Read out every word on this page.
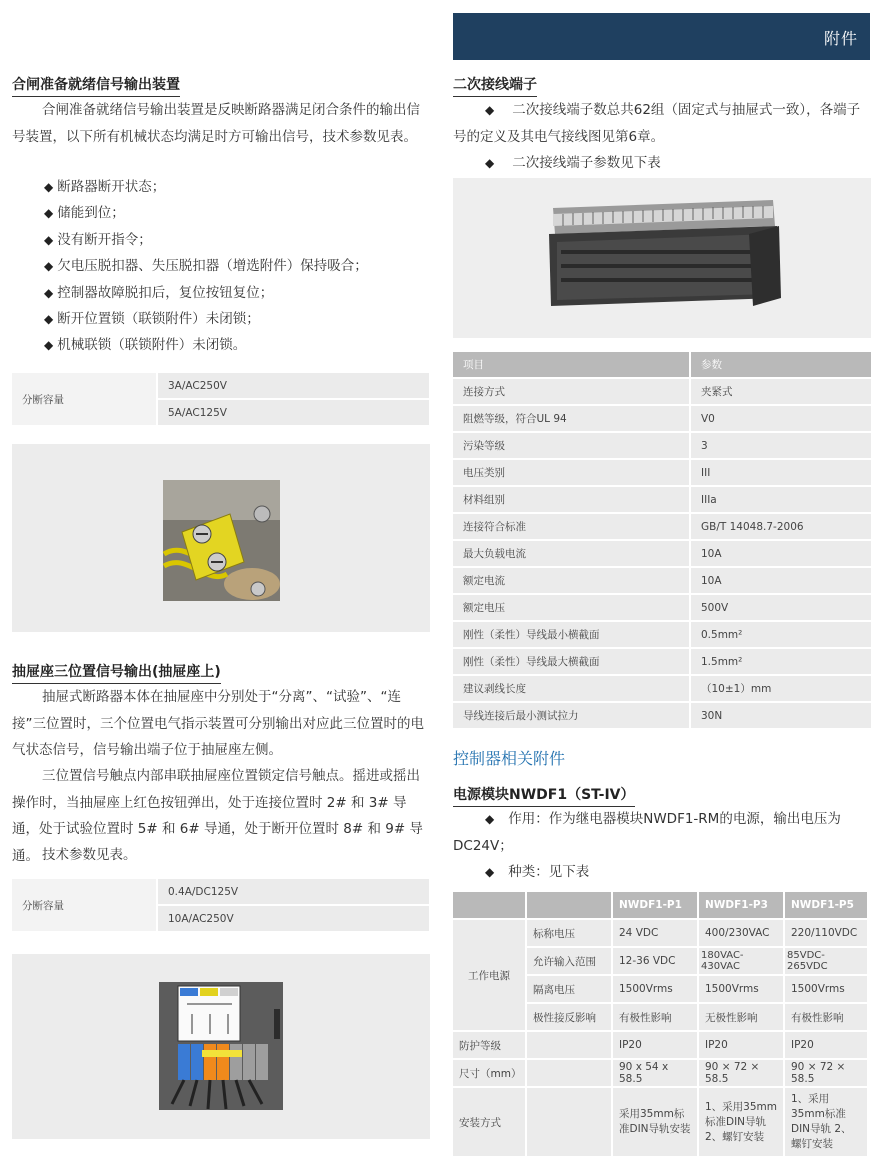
附件
合闸准备就绪信号输出装置
合闸准备就绪信号输出装置是反映断路器满足闭合条件的输出信号装置，以下所有机械状态均满足时方可输出信号，技术参数见表。
◆ 断路器断开状态；
◆ 储能到位；
◆ 没有断开指令；
◆ 欠电压脱扣器、失压脱扣器（增选附件）保持吸合；
◆ 控制器故障脱扣后，复位按钮复位；
◆ 断开位置锁（联锁附件）未闭锁；
◆ 机械联锁（联锁附件）未闭锁。
分断容量	3A/AC250V
5A/AC125V
抽屉座三位置信号输出(抽屉座上)
抽屉式断路器本体在抽屉座中分别处于“分离”、“试验”、“连接”三位置时，三个位置电气指示装置可分别输出对应此三位置时的电气状态信号，信号输出端子位于抽屉座左侧。
三位置信号触点内部串联抽屉座位置锁定信号触点。摇进或摇出操作时，当抽屉座上红色按钮弹出，处于连接位置时 2# 和 3# 导通，处于试验位置时 5# 和 6# 导通，处于断开位置时 8# 和 9# 导通。 技术参数见表。
分断容量	0.4A/DC125V
10A/AC250V
二次接线端子
◆ 二次接线端子数总共62组（固定式与抽屉式一致），各端子号的定义及其电气接线图见第6章。
◆ 二次接线端子参数见下表
项目	参数
连接方式	夹紧式
阻燃等级，符合UL 94	V0
污染等级	3
电压类别	III
材料组别	IIIa
连接符合标准	GB/T 14048.7-2006
最大负载电流	10A
额定电流	10A
额定电压	500V
刚性（柔性）导线最小横截面	0.5mm²
刚性（柔性）导线最大横截面	1.5mm²
建议剥线长度	（10±1）mm
导线连接后最小测试拉力	30N
控制器相关附件
电源模块NWDF1（ST-IV）
◆ 作用：作为继电器模块NWDF1-RM的电源，输出电压为DC24V；
◆ 种类：见下表
		NWDF1-P1	NWDF1-P3	NWDF1-P5
工作电源	标称电压	24 VDC	400/230VAC	220/110VDC
	允许输入范围	12-36 VDC	180VAC-430VAC	85VDC-265VDC
	隔离电压	1500Vrms	1500Vrms	1500Vrms
	极性接反影响	有极性影响	无极性影响	有极性影响
防护等级		IP20	IP20	IP20
尺寸（mm）		90 x 54 x 58.5	90 × 72 × 58.5	90 × 72 × 58.5
安装方式		采用35mm标准DIN导轨安装	1、采用35mm标准DIN导轨 2、螺钉安装	1、采用35mm标准DIN导轨 2、螺钉安装
